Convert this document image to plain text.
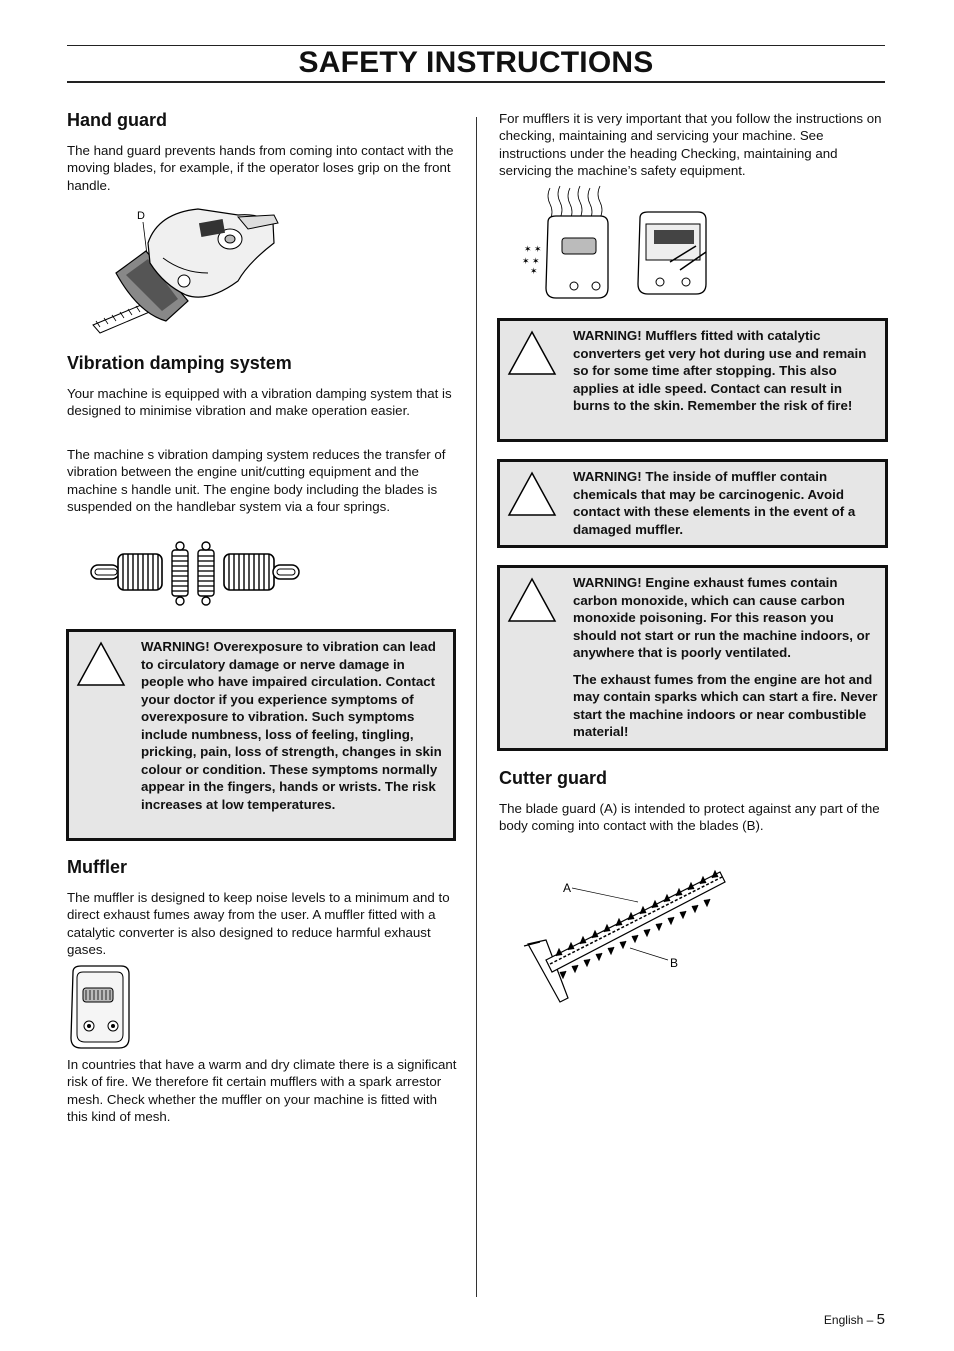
SAFETY INSTRUCTIONS
Hand guard

The hand guard prevents hands from coming into contact with the moving blades, for example, if the operator loses grip on the front handle.

D
Vibration damping system

Your machine is equipped with a vibration damping system that is designed to minimise vibration and make operation easier.

The machine s vibration damping system reduces the transfer of vibration between the engine unit/cutting equipment and the machine s handle unit. The engine body including the blades is suspended on the handlebar system via a four springs.

WARNING! Overexposure to vibration can lead to circulatory damage or nerve damage in people who have impaired circulation. Contact your doctor if you experience symptoms of overexposure to vibration. Such symptoms include numbness, loss of feeling, tingling, pricking, pain, loss of strength, changes in skin colour or condition. These symptoms normally appear in the fingers, hands or wrists. The risk increases at low temperatures.

Muffler

The muffler is designed to keep noise levels to a minimum and to direct exhaust fumes away from the user. A muffler fitted with a catalytic converter is also designed to reduce harmful exhaust gases.

In countries that have a warm and dry climate there is a significant risk of fire. We therefore fit certain mufflers with a spark arrestor mesh. Check whether the muffler on your machine is fitted with this kind of mesh.

For mufflers it is very important that you follow the instructions on checking, maintaining and servicing your machine. See instructions under the heading Checking, maintaining and servicing the machine’s safety equipment.

✶ ✶
✶ ✶
✶

WARNING! Mufflers fitted with catalytic converters get very hot during use and remain so for some time after stopping. This also applies at idle speed. Contact can result in burns to the skin. Remember the risk of fire!

WARNING! The inside of muffler contain chemicals that may be carcinogenic. Avoid contact with these elements in the event of a damaged muffler.

WARNING! Engine exhaust fumes contain carbon monoxide, which can cause carbon monoxide poisoning. For this reason you should not start or run the machine indoors, or anywhere that is poorly ventilated.

The exhaust fumes from the engine are hot and may contain sparks which can start a fire. Never start the machine indoors or near combustible material!

Cutter guard

The blade guard (A) is intended to protect against any part of the body coming into contact with the blades (B).

A
B
English – 5
